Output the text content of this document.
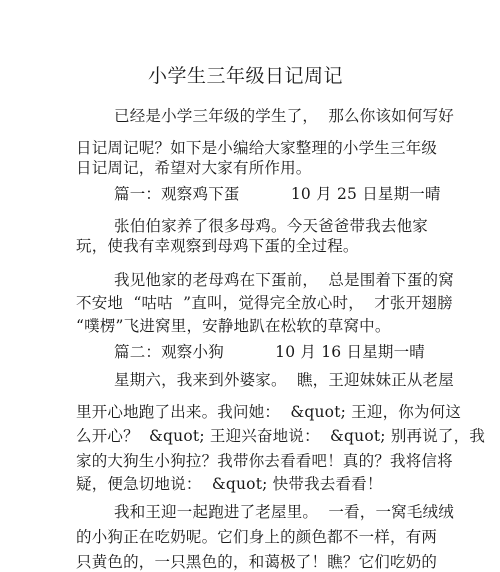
小学生三年级日记周记
已经是小学三年级的学生了，  那么你该如何写好
日记周记呢？如下是小编给大家整理的小学生三年级
日记周记，希望对大家有所作用。
篇一：观察鸡下蛋          10 月 25 日星期一晴
张伯伯家养了很多母鸡。今天爸爸带我去他家
玩，使我有幸观察到母鸡下蛋的全过程。
我见他家的老母鸡在下蛋前，  总是围着下蛋的窝
不安地  “咕咕  ”直叫，觉得完全放心时，  才张开翅膀
“噗楞”飞进窝里，安静地趴在松软的草窝中。
篇二：观察小狗          10 月 16 日星期一晴
星期六，我来到外婆家。  瞧，王迎妹妹正从老屋
里开心地跑了出来。我问她：  &quot; 王迎，你为何这
么开心？  &quot; 王迎兴奋地说：  &quot; 别再说了，我
家的大狗生小狗拉？我带你去看看吧！真的？我将信将
疑，便急切地说：  &quot; 快带我去看看！
我和王迎一起跑进了老屋里。  一看，一窝毛绒绒
的小狗正在吃奶呢。它们身上的颜色都不一样，有两
只黄色的，一只黑色的，和蔼极了！瞧？它们吃奶的
